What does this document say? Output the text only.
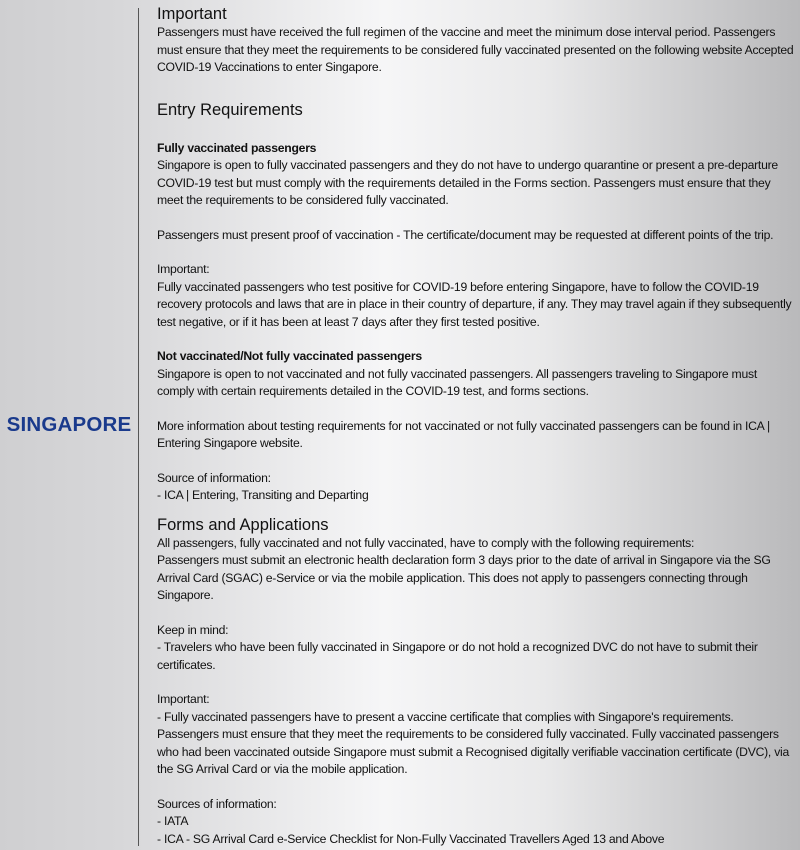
SINGAPORE
Important

Passengers must have received the full regimen of the vaccine and meet the minimum dose interval period. Passengers must ensure that they meet the requirements to be considered fully vaccinated presented on the following website Accepted COVID-19 Vaccinations to enter Singapore.

Entry Requirements

Fully vaccinated passengers

Singapore is open to fully vaccinated passengers and they do not have to undergo quarantine or present a pre-departure COVID-19 test but must comply with the requirements detailed in the Forms section. Passengers must ensure that they meet the requirements to be considered fully vaccinated.

Passengers must present proof of vaccination - The certificate/document may be requested at different points of the trip.

Important:

Fully vaccinated passengers who test positive for COVID-19 before entering Singapore, have to follow the COVID-19 recovery protocols and laws that are in place in their country of departure, if any. They may travel again if they subsequently test negative, or if it has been at least 7 days after they first tested positive.

Not vaccinated/Not fully vaccinated passengers

Singapore is open to not vaccinated and not fully vaccinated passengers. All passengers traveling to Singapore must comply with certain requirements detailed in the COVID-19 test, and forms sections.

More information about testing requirements for not vaccinated or not fully vaccinated passengers can be found in ICA | Entering Singapore website.

Source of information:

- ICA | Entering, Transiting and Departing

Forms and Applications

All passengers, fully vaccinated and not fully vaccinated, have to comply with the following requirements:

Passengers must submit an electronic health declaration form 3 days prior to the date of arrival in Singapore via the SG Arrival Card (SGAC) e-Service or via the mobile application. This does not apply to passengers connecting through Singapore.

Keep in mind:

- Travelers who have been fully vaccinated in Singapore or do not hold a recognized DVC do not have to submit their certificates.

Important:

- Fully vaccinated passengers have to present a vaccine certificate that complies with Singapore's requirements. Passengers must ensure that they meet the requirements to be considered fully vaccinated. Fully vaccinated passengers who had been vaccinated outside Singapore must submit a Recognised digitally verifiable vaccination certificate (DVC), via the SG Arrival Card or via the mobile application.

Sources of information:

- IATA

- ICA - SG Arrival Card e-Service Checklist for Non-Fully Vaccinated Travellers Aged 13 and Above
